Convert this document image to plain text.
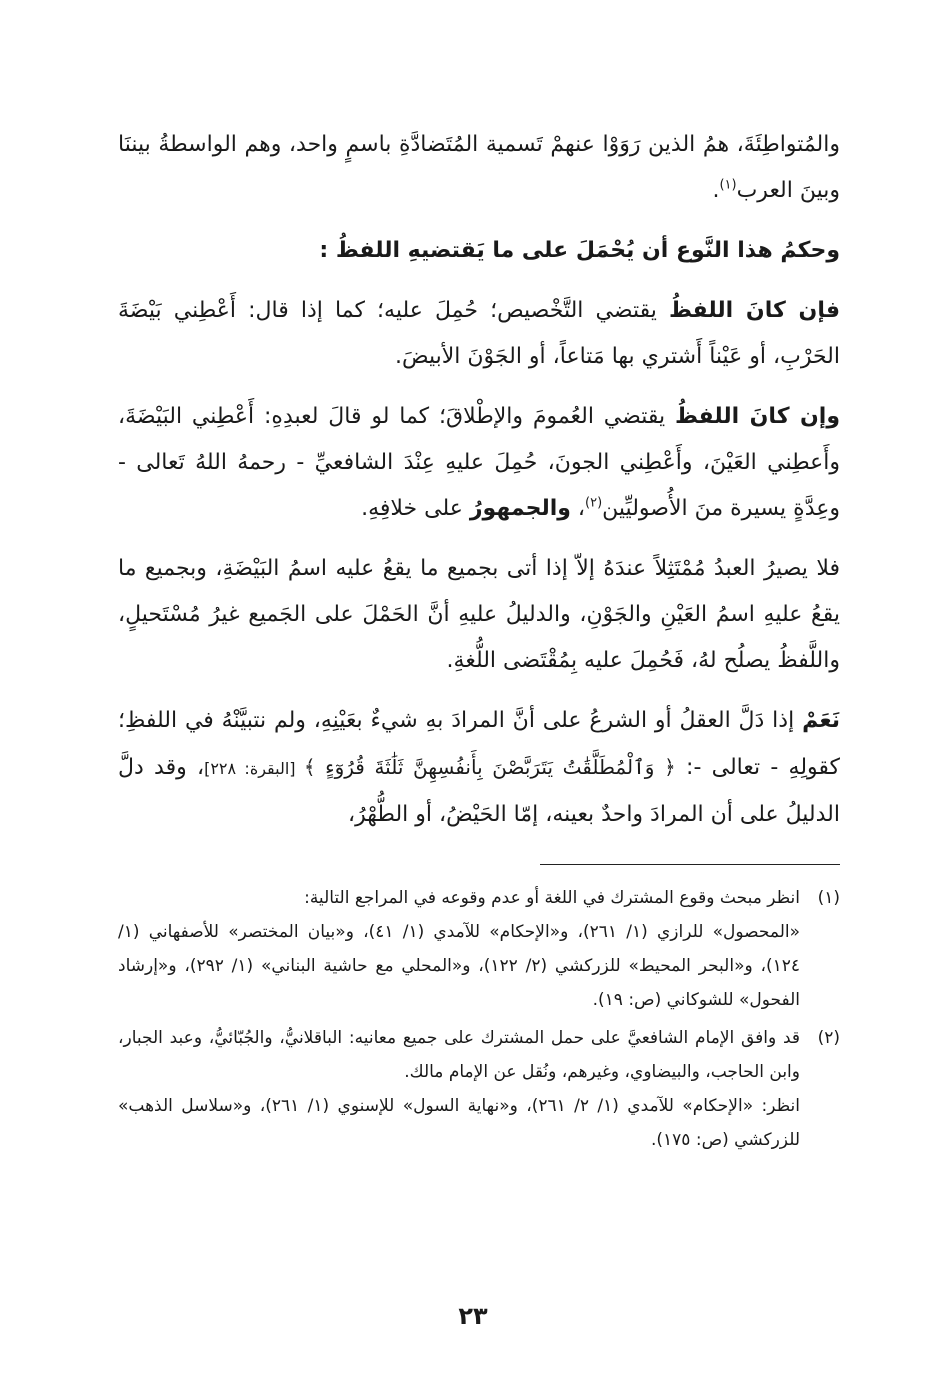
والمُتواطِئَةَ، همُ الذين رَوَوْا عنهمْ تَسمية المُتَضادَّةِ باسمٍ واحد، وهم الواسطةُ بيننَا وبينَ العرب$^{(١)}$.

وحكمُ هذا النَّوع أن يُحْمَلَ على ما يَقتضيهِ اللفظُ :

فإن كانَ اللفظُ يقتضي التَّخْصيص؛ حُمِلَ عليه؛ كما إذا قال: أَعْطِني بَيْضَةَ الحَرْبِ، أو عَيْناً أَشتري بها مَتاعاً، أو الجَوْنَ الأبيضَ.

وإن كانَ اللفظُ يقتضي العُمومَ والإطْلاقَ؛ كما لو قالَ لعبدِهِ: أَعْطِني البَيْضَةَ، وأَعطِني العَيْنَ، وأَعْطِني الجونَ، حُمِلَ عليهِ عِنْدَ الشافعيِّ - رحمهُ اللهُ تَعالى - وعِدَّةٍ يسيرة منَ الأُصوليِّين$^{(٢)}$، والجمهورُ على خلافِهِ.

فلا يصيرُ العبدُ مُمْتَثِلاً عندَهُ إلاّ إذا أتى بجميع ما يقعُ عليه اسمُ البَيْضَةِ، وبجميع ما يقعُ عليهِ اسمُ العَيْنِ والجَوْنِ، والدليلُ عليهِ أنَّ الحَمْلَ على الجَميع غيرُ مُسْتَحيلٍ، واللَّفظُ يصلُح لهُ، فَحُمِلَ عليه بِمُقْتَضى اللُّغةِ.

نَعَمْ إذا دَلَّ العقلُ أو الشرعُ على أنَّ المرادَ بهِ شيءٌ بعَيْنِهِ، ولم نتبيَّنْهُ في اللفظِ؛ كقولِهِ - تعالى -: ﴿ وَٱلْمُطَلَّقَٰتُ يَتَرَبَّصْنَ بِأَنفُسِهِنَّ ثَلَٰثَةَ قُرُوٓءٍ ﴾ [البقرة: ٢٢٨]، وقد دلَّ الدليلُ على أن المرادَ واحدٌ بعينه، إمّا الحَيْضُ، أو الطُّهْرُ،

(١)

انظر مبحث وقوع المشترك في اللغة أو عدم وقوعه في المراجع التالية:

«المحصول» للرازي (١/ ٢٦١)، و«الإحكام» للآمدي (١/ ٤١)، و«بيان المختصر» للأصفهاني (١/ ١٢٤)، و«البحر المحيط» للزركشي (٢/ ١٢٢)، و«المحلي مع حاشية البناني» (١/ ٢٩٢)، و«إرشاد الفحول» للشوكاني (ص: ١٩).

(٢)

قد وافق الإمام الشافعيَّ على حمل المشترك على جميع معانيه: الباقلانيُّ، والجُبّائيُّ، وعبد الجبار، وابن الحاجب، والبيضاوي، وغيرهم، ونُقل عن الإمام مالك.

انظر: «الإحكام» للآمدي (١/ ٢/ ٢٦١)، و«نهاية السول» للإسنوي (١/ ٢٦١)، و«سلاسل الذهب» للزركشي (ص: ١٧٥).

٢٣
